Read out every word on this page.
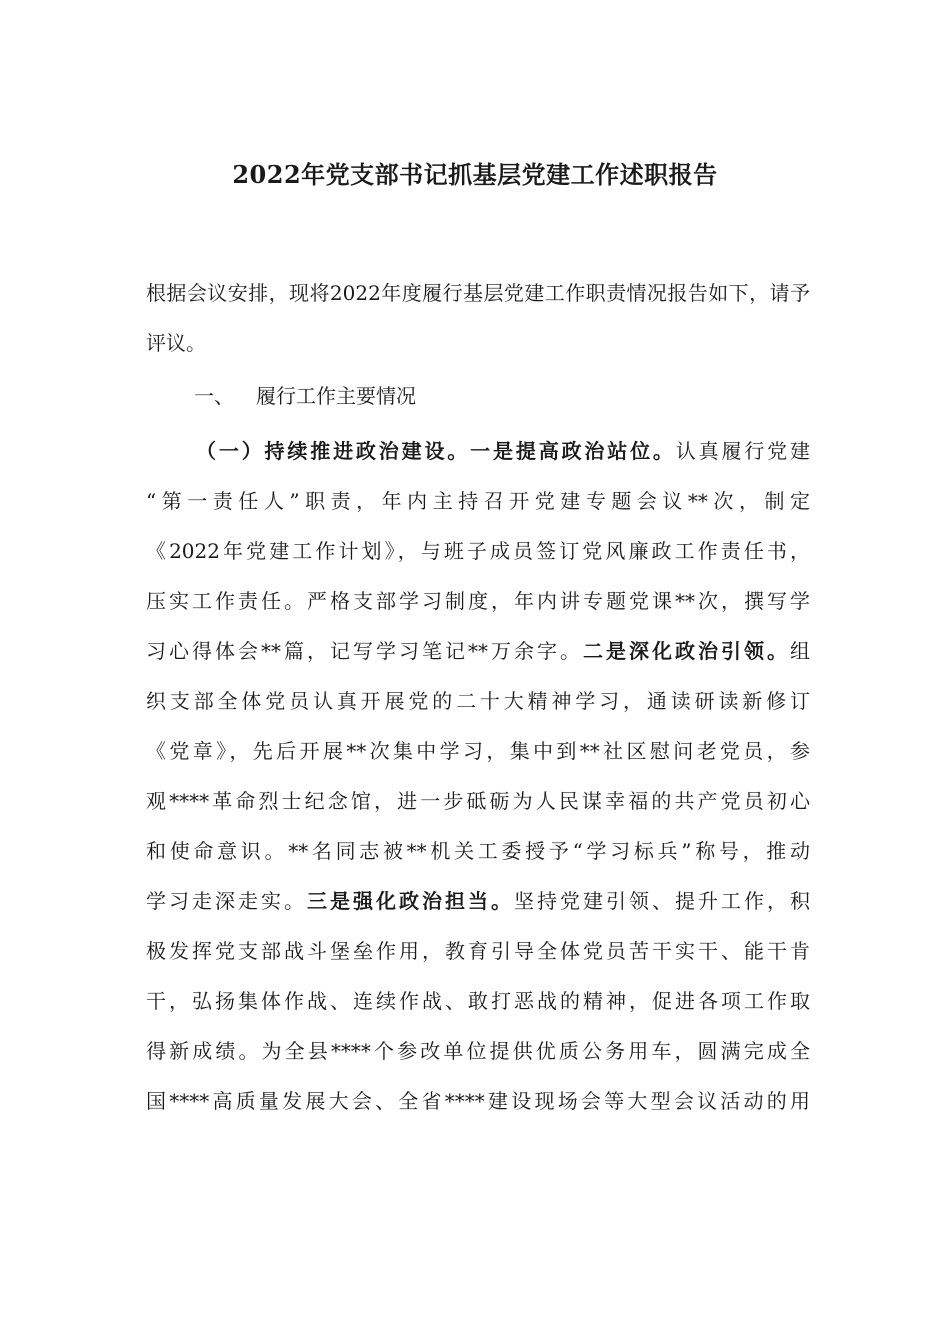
2022年党支部书记抓基层党建工作述职报告
根据会议安排，现将2022年度履行基层党建工作职责情况报告如下，请予评议。
一、 履行工作主要情况
（一）持续推进政治建设。一是提高政治站位。认真履行党建
“第一责任人”职责，年内主持召开党建专题会议**次，制定
《2022年党建工作计划》，与班子成员签订党风廉政工作责任书，
压实工作责任。严格支部学习制度，年内讲专题党课**次，撰写学
习心得体会**篇，记写学习笔记**万余字。二是深化政治引领。组
织支部全体党员认真开展党的二十大精神学习，通读研读新修订
《党章》，先后开展**次集中学习，集中到**社区慰问老党员，参
观****革命烈士纪念馆，进一步砥砺为人民谋幸福的共产党员初心
和使命意识。**名同志被**机关工委授予“学习标兵”称号，推动
学习走深走实。三是强化政治担当。坚持党建引领、提升工作，积
极发挥党支部战斗堡垒作用，教育引导全体党员苦干实干、能干肯
干，弘扬集体作战、连续作战、敢打恶战的精神，促进各项工作取
得新成绩。为全县****个参改单位提供优质公务用车，圆满完成全
国****高质量发展大会、全省****建设现场会等大型会议活动的用
